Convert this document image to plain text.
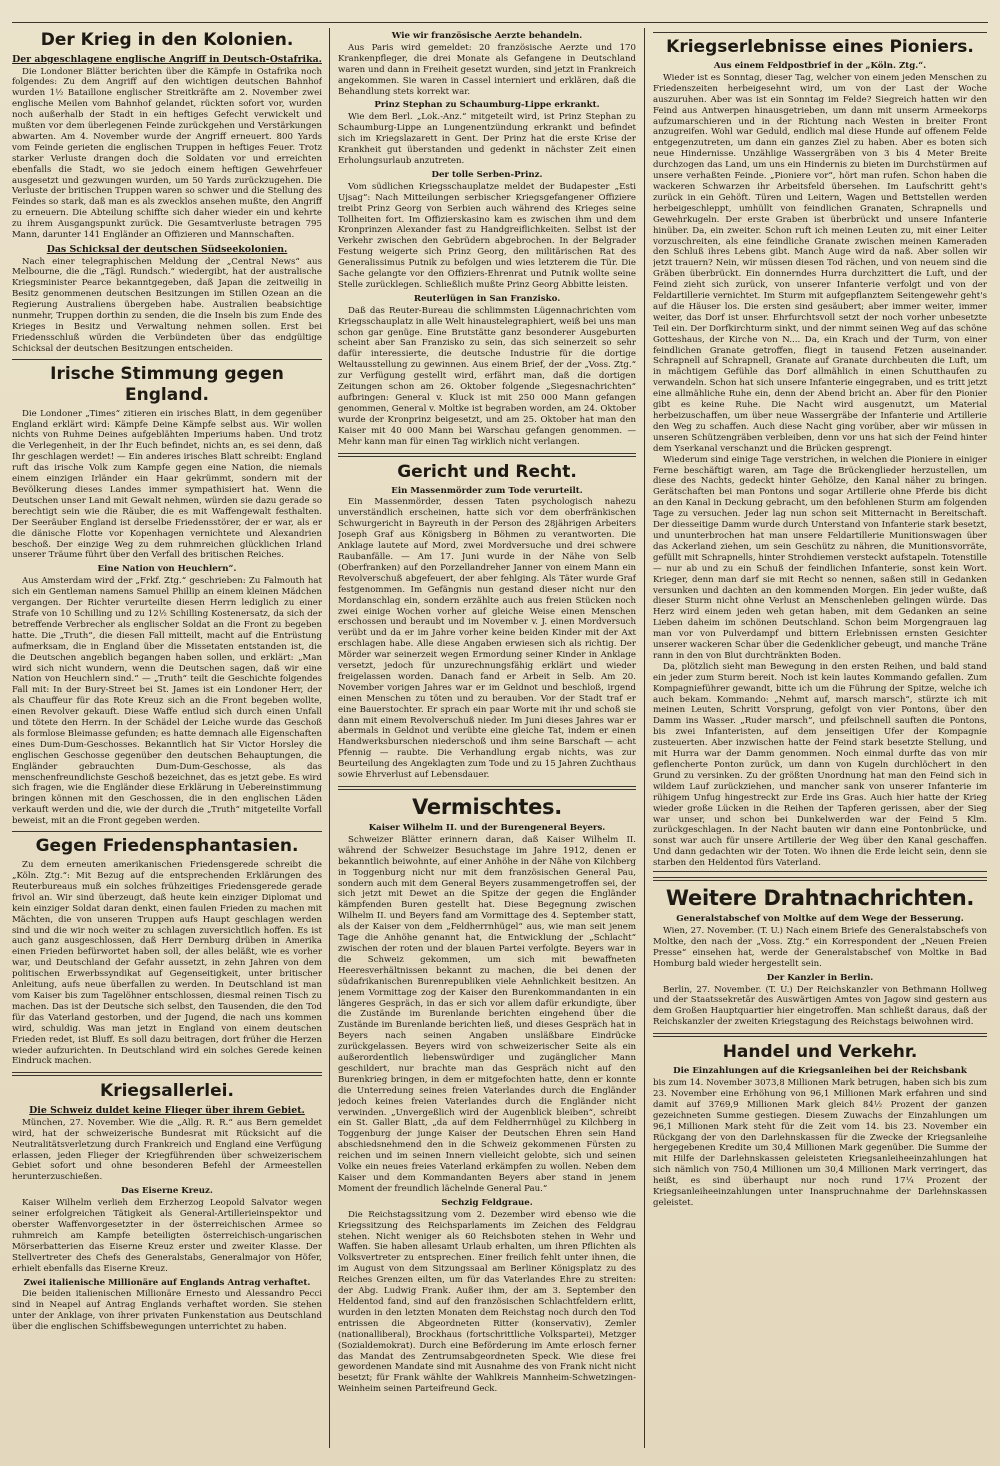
Der Krieg in den Kolonien.
Der abgeschlagene englische Angriff in Deutsch-Ostafrika.

Die Londoner Blätter berichten über die Kämpfe in Ostafrika noch folgendes: Zu dem Angriff auf den wichtigen deutschen Bahnhof wurden 1½ Bataillone englischer Streitkräfte am 2. November zwei englische Meilen vom Bahnhof gelandet, rückten sofort vor, wurden noch außerhalb der Stadt in ein heftiges Gefecht verwickelt und mußten vor dem überlegenen Feinde zurückgehen und Verstärkungen abwarten. Am 4. November wurde der Angriff erneuert. 800 Yards vom Feinde gerieten die englischen Truppen in heftiges Feuer. Trotz starker Verluste drangen doch die Soldaten vor und erreichten ebenfalls die Stadt, wo sie jedoch einem heftigen Gewehrfeuer ausgesetzt und gezwungen wurden, um 50 Yards zurückzugehen. Die Verluste der britischen Truppen waren so schwer und die Stellung des Feindes so stark, daß man es als zwecklos ansehen mußte, den Angriff zu erneuern. Die Abteilung schiffte sich daher wieder ein und kehrte zu ihrem Ausgangspunkt zurück. Die Gesamtverluste betragen 795 Mann, darunter 141 Engländer an Offizieren und Mannschaften.

Das Schicksal der deutschen Südseekolonien.

Nach einer telegraphischen Meldung der „Central News“ aus Melbourne, die die „Tägl. Rundsch.“ wiedergibt, hat der australische Kriegsminister Pearce bekanntgegeben, daß Japan die zeitweilig in Besitz genommenen deutschen Besitzungen im Stillen Ozean an die Regierung Australiens übergeben habe. Australien beabsichtige nunmehr, Truppen dorthin zu senden, die die Inseln bis zum Ende des Krieges in Besitz und Verwaltung nehmen sollen. Erst bei Friedensschluß würden die Verbündeten über das endgültige Schicksal der deutschen Besitzungen entscheiden.

Irische Stimmung gegen England.

Die Londoner „Times“ zitieren ein irisches Blatt, in dem gegenüber England erklärt wird: Kämpfe Deine Kämpfe selbst aus. Wir wollen nichts von Ruhme Deines aufgeblähten Imperiums haben. Und trotz die Verlegenheit, in der Ihr Euch befindet, nichts an, es sei denn, daß Ihr geschlagen werdet! — Ein anderes irisches Blatt schreibt: England ruft das irische Volk zum Kampfe gegen eine Nation, die niemals einem einzigen Irländer ein Haar gekrümmt, sondern mit der Bevölkerung dieses Landes immer sympathisiert hat. Wenn die Deutschen unser Land mit Gewalt nehmen, würden sie dazu gerade so berechtigt sein wie die Räuber, die es mit Waffengewalt festhalten. Der Seeräuber England ist derselbe Friedensstörer, der er war, als er die dänische Flotte vor Kopenhagen vernichtete und Alexandrien beschoß. Der einzige Weg zu dem ruhmreichen glücklichen Irland unserer Träume führt über den Verfall des britischen Reiches.

Eine Nation von Heuchlern“.

Aus Amsterdam wird der „Frkf. Ztg.“ geschrieben: Zu Falmouth hat sich ein Gentleman namens Samuel Phillip an einem kleinen Mädchen vergangen. Der Richter verurteilte diesen Herrn lediglich zu einer Strafe von 10 Schilling und zu 12½ Schilling Kostenersatz, da sich der betreffende Verbrecher als englischer Soldat an die Front zu begeben hatte. Die „Truth“, die diesen Fall mitteilt, macht auf die Entrüstung aufmerksam, die in England über die Missetaten entstanden ist, die die Deutschen angeblich begangen haben sollen, und erklärt: „Man wird sich nicht wundern, wenn die Deutschen sagen, daß wir eine Nation von Heuchlern sind.“ — „Truth“ teilt die Geschichte folgendes Fall mit: In der Bury-Street bei St. James ist ein Londoner Herr, der als Chauffeur für das Rote Kreuz sich an die Front begeben wollte, einen Revolver gekauft. Diese Waffe entlud sich durch einen Unfall und tötete den Herrn. In der Schädel der Leiche wurde das Geschoß als formlose Bleimasse gefunden; es hatte demnach alle Eigenschaften eines Dum-Dum-Geschosses. Bekanntlich hat Sir Victor Horsley die englischen Geschosse gegenüber den deutschen Behauptungen, die Engländer gebrauchten Dum-Dum-Geschosse, als das menschenfreundlichste Geschoß bezeichnet, das es jetzt gebe. Es wird sich fragen, wie die Engländer diese Erklärung in Uebereinstimmung bringen können mit den Geschossen, die in den englischen Läden verkauft werden und die, wie der durch die „Truth“ mitgeteilte Vorfall beweist, mit an die Front gegeben werden.

Gegen Friedensphantasien.

Zu dem erneuten amerikanischen Friedensgerede schreibt die „Köln. Ztg.“: Mit Bezug auf die entsprechenden Erklärungen des Reuterbureaus muß ein solches frühzeitiges Friedensgerede gerade frivol an. Wir sind überzeugt, daß heute kein einziger Diplomat und kein einziger Soldat daran denkt, einen faulen Frieden zu machen mit Mächten, die von unseren Truppen aufs Haupt geschlagen werden sind und die wir noch weiter zu schlagen zuversichtlich hoffen. Es ist auch ganz ausgeschlossen, daß Herr Dernburg drüben in Amerika einen Frieden befürwortet haben soll, der alles beläßt, wie es vorher war, und Deutschland der Gefahr aussetzt, in zehn Jahren von dem politischen Erwerbssyndikat auf Gegenseitigkeit, unter britischer Anleitung, aufs neue überfallen zu werden. In Deutschland ist man vom Kaiser bis zum Tagelöhner entschlossen, diesmal reinen Tisch zu machen. Das ist der Deutsche sich selbst, den Tausenden, die den Tod für das Vaterland gestorben, und der Jugend, die nach uns kommen wird, schuldig. Was man jetzt in England von einem deutschen Frieden redet, ist Bluff. Es soll dazu beitragen, dort früher die Herzen wieder aufzurichten. In Deutschland wird ein solches Gerede keinen Eindruck machen.

Kriegsallerlei.
Die Schweiz duldet keine Flieger über ihrem Gebiet.

München, 27. November. Wie die „Allg. R. R.“ aus Bern gemeldet wird, hat der schweizerische Bundesrat mit Rücksicht auf die Neutralitätsverletzung durch Frankreich und England eine Verfügung erlassen, jeden Flieger der Kriegführenden über schweizerischem Gebiet sofort und ohne besonderen Befehl der Armeestellen herunterzuschießen.

Das Eiserne Kreuz.

Kaiser Wilhelm verlieh dem Erzherzog Leopold Salvator wegen seiner erfolgreichen Tätigkeit als General-Artillerieinspektor und oberster Waffenvorgesetzter in der österreichischen Armee so ruhmreich am Kampfe beteiligten österreichisch-ungarischen Mörserbatterien das Eiserne Kreuz erster und zweiter Klasse. Der Stellvertreter des Chefs des Generalstabs, Generalmajor von Höfer, erhielt ebenfalls das Eiserne Kreuz.

Zwei italienische Millionäre auf Englands Antrag verhaftet.

Die beiden italienischen Millionäre Ernesto und Alessandro Pecci sind in Neapel auf Antrag Englands verhaftet worden. Sie stehen unter der Anklage, von ihrer privaten Funkenstation aus Deutschland über die englischen Schiffsbewegungen unterrichtet zu haben.

Wie wir französische Aerzte behandeln.

Aus Paris wird gemeldet: 20 französische Aerzte und 170 Krankenpfleger, die drei Monate als Gefangene in Deutschland waren und dann in Freiheit gesetzt wurden, sind jetzt in Frankreich angekommen. Sie waren in Cassel interniert und erklären, daß die Behandlung stets korrekt war.

Prinz Stephan zu Schaumburg-Lippe erkrankt.

Wie dem Berl. „Lok.-Anz.“ mitgeteilt wird, ist Prinz Stephan zu Schaumburg-Lippe an Lungenentzündung erkrankt und befindet sich im Kriegslazarett in Gent. Der Prinz hat die erste Krise der Krankheit gut überstanden und gedenkt in nächster Zeit einen Erholungsurlaub anzutreten.

Der tolle Serben-Prinz.

Vom südlichen Kriegsschauplatze meldet der Budapester „Esti Ujsag“: Nach Mitteilungen serbischer Kriegsgefangener Offiziere treibt Prinz Georg von Serbien auch während des Krieges seine Tollheiten fort. Im Offizierskasino kam es zwischen ihm und dem Kronprinzen Alexander fast zu Handgreiflichkeiten. Selbst ist der Verkehr zwischen den Gebrüdern abgebrochen. In der Belgrader Festung weigerte sich Prinz Georg, den militärischen Rat des Generalissimus Putnik zu befolgen und wies letzterem die Tür. Die Sache gelangte vor den Offiziers-Ehrenrat und Putnik wollte seine Stelle zurücklegen. Schließlich mußte Prinz Georg Abbitte leisten.

Reuterlügen in San Franzisko.

Daß das Reuter-Bureau die schlimmsten Lügennachrichten vom Kriegsschauplatz in alle Welt hinaustelegraphiert, weiß bei uns man schon gar genüge. Eine Brutstätte ganz besonderer Ausgeburten scheint aber San Franzisko zu sein, das sich seinerzeit so sehr dafür interessierte, die deutsche Industrie für die dortige Weltausstellung zu gewinnen. Aus einem Brief, der der „Voss. Ztg.“ zur Verfügung gestellt wird, erfährt man, daß die dortigen Zeitungen schon am 26. Oktober folgende „Siegesnachrichten“ aufbringen: General v. Kluck ist mit 250 000 Mann gefangen genommen, General v. Moltke ist begraben worden, am 24. Oktober wurde der Kronprinz beigesetzt, und am 25. Oktober hat man den Kaiser mit 40 000 Mann bei Warschau gefangen genommen. — Mehr kann man für einen Tag wirklich nicht verlangen.

Gericht und Recht.
Ein Massenmörder zum Tode verurteilt.

Ein Massenmörder, dessen Taten psychologisch nahezu unverständlich erscheinen, hatte sich vor dem oberfränkischen Schwurgericht in Bayreuth in der Person des 28jährigen Arbeiters Joseph Graf aus Königsberg in Böhmen zu verantworten. Die Anklage lautete auf Mord, zwei Mordversuche und drei schwere Raubanfälle. — Am 17. Juni wurde in der Nähe von Selb (Oberfranken) auf den Porzellandreher Janner von einem Mann ein Revolverschuß abgefeuert, der aber fehlging. Als Täter wurde Graf festgenommen. Im Gefängnis nun gestand dieser nicht nur den Mordanschlag ein, sondern erzählte auch aus freien Stücken noch zwei einige Wochen vorher auf gleiche Weise einen Menschen erschossen und beraubt und im November v. J. einen Mordversuch verübt und da er im Jahre vorher keine beiden Kinder mit der Axt erschlagen habe. Alle diese Angaben erwiesen sich als richtig. Der Mörder war seinerzeit wegen Ermordung seiner Kinder in Anklage versetzt, jedoch für unzurechnungsfähig erklärt und wieder freigelassen worden. Danach fand er Arbeit in Selb. Am 20. November vorigen Jahres war er im Geldnot und beschloß, irgend einen Menschen zu töten und zu berauben. Vor der Stadt traf er eine Bauerstochter. Er sprach ein paar Worte mit ihr und schoß sie dann mit einem Revolverschuß nieder. Im Juni dieses Jahres war er abermals in Geldnot und verübte eine gleiche Tat, indem er einen Handwerksburschen niederschoß und ihm seine Barschaft — acht Pfennig — raubte. Die Verhandlung ergab nichts, was zur Beurteilung des Angeklagten zum Tode und zu 15 Jahren Zuchthaus sowie Ehrverlust auf Lebensdauer.

Vermischtes.
Kaiser Wilhelm II. und der Burengeneral Beyers.

Schweizer Blätter erinnern daran, daß Kaiser Wilhelm II. während der Schweizer Besuchstage im Jahre 1912, denen er bekanntlich beiwohnte, auf einer Anhöhe in der Nähe von Kilchberg in Toggenburg nicht nur mit dem französischen General Pau, sondern auch mit dem General Beyers zusammengetroffen sei, der sich jetzt mit Dewet an die Spitze der gegen die Engländer kämpfenden Buren gestellt hat. Diese Begegnung zwischen Wilhelm II. und Beyers fand am Vormittage des 4. September statt, als der Kaiser von dem „Feldherrnhügel“ aus, wie man seit jenem Tage die Anhöhe genannt hat, die Entwicklung der „Schlacht“ zwischen der roten und der blauen Partei verfolgte. Beyers war in die Schweiz gekommen, um sich mit bewaffneten Heeresverhältnissen bekannt zu machen, die bei denen der südafrikanischen Burenrepubliken viele Aehnlichkeit besitzen. An jenem Vormittage zog der Kaiser den Burenkommandanten in ein längeres Gespräch, in das er sich vor allem dafür erkundigte, über die Zustände im Burenlande berichten eingehend über die Zustände im Burenlande berichten ließ, und dieses Gespräch hat in Beyers nach seinen Angaben unsläßbare Eindrücke zurückgelassen. Beyers wird von schweizerischer Seite als ein außerordentlich liebenswürdiger und zugänglicher Mann geschildert, nur brachte man das Gespräch nicht auf den Burenkrieg bringen, in dem er mitgefochten hatte, denn er konnte die Unterredung seines freien Vaterlandes durch die Engländer jedoch keines freien Vaterlandes durch die Engländer nicht verwinden. „Unvergeßlich wird der Augenblick bleiben“, schreibt ein St. Galler Blatt, „da auf dem Feldherrnhügel zu Kilchberg in Toggenburg der junge Kaiser der Deutschen Ehren sein Hand abschiedsnehmend den in die Schweiz gekommenen Fürsten zu reichen und im seinen Innern vielleicht gelobte, sich und seinen Volke ein neues freies Vaterland erkämpfen zu wollen. Neben dem Kaiser und dem Kommandanten Beyers aber stand in jenem Moment der freundlich lächelnde General Pau.“

Sechzig Feldgraue.

Die Reichstagssitzung vom 2. Dezember wird ebenso wie die Kriegssitzung des Reichsparlaments im Zeichen des Feldgrau stehen. Nicht weniger als 60 Reichsboten stehen in Wehr und Waffen. Sie haben allesamt Urlaub erhalten, um ihren Pflichten als Volksvertreter zu entsprechen. Einer freilich fehlt unter ihnen, die im August von dem Sitzungssaal am Berliner Königsplatz zu des Reiches Grenzen eilten, um für das Vaterlandes Ehre zu streiten: der Abg. Ludwig Frank. Außer ihm, der am 3. September den Heldentod fand, sind auf den französischen Schlachtfeldern erlitt, wurden in den letzten Monaten dem Reichstag noch durch den Tod entrissen die Abgeordneten Ritter (konservativ), Zemler (nationalliberal), Brockhaus (fortschrittliche Volkspartei), Metzger (Sozialdemokrat). Durch eine Beförderung im Amte erlosch ferner das Mandat des Zentrumsabgeordneten Speck. Wie diese frei gewordenen Mandate sind mit Ausnahme des von Frank nicht nicht besetzt; für Frank wählte der Wahlkreis Mannheim-Schwetzingen-Weinheim seinen Parteifreund Geck.

Kriegserlebnisse eines Pioniers.
Aus einem Feldpostbrief in der „Köln. Ztg.“.

Wieder ist es Sonntag, dieser Tag, welcher von einem jeden Menschen zu Friedenszeiten herbeigesehnt wird, um von der Last der Woche auszuruhen. Aber was ist ein Sonntag im Felde? Siegreich hatten wir den Feind aus Antwerpen hinausgetrieben, um dann mit unserm Armeekorps aufzumarschieren und in der Richtung nach Westen in breiter Front anzugreifen. Wohl war Geduld, endlich mal diese Hunde auf offenem Felde entgegenzutreten, um dann ein ganzes Ziel zu haben. Aber es boten sich neue Hindernisse. Unzählige Wassergräben von 3 bis 4 Meter Breite durchzogen das Land, um uns ein Hindernis zu bieten im Durchstürmen auf unsere verhaßten Feinde. „Pioniere vor“, hört man rufen. Schon haben die wackeren Schwarzen ihr Arbeitsfeld übersehen. Im Laufschritt geht's zurück in ein Gehöft. Türen und Leitern, Wagen und Bettstellen werden herbeigeschleppt, umhüllt von feindlichen Granaten, Schrapnells und Gewehrkugeln. Der erste Graben ist überbrückt und unsere Infanterie hinüber. Da, ein zweiter. Schon ruft ich meinen Leuten zu, mit einer Leiter vorzuschreiten, als eine feindliche Granate zwischen meinen Kameraden den Schluß ihres Lebens gibt. Manch Auge wird da naß. Aber sollen wir jetzt trauern? Nein, wir müssen diesen Tod rächen, und von neuem sind die Gräben überbrückt. Ein donnerndes Hurra durchzittert die Luft, und der Feind zieht sich zurück, von unserer Infanterie verfolgt und von der Feldartillerie vernichtet. Im Sturm mit aufgepflanztem Seitengewehr geht's auf die Häuser los. Die ersten sind gesäubert; aber immer weiter, immer weiter, das Dorf ist unser. Ehrfurchtsvoll setzt der noch vorher unbesetzte Teil ein. Der Dorfkirchturm sinkt, und der nimmt seinen Weg auf das schöne Gotteshaus, der Kirche von N.... Da, ein Krach und der Turm, von einer feindlichen Granate getroffen, fliegt in tausend Fetzen auseinander. Schrapnell auf Schrapnell, Granate auf Granate durchbeuten die Luft, um in mächtigem Gefühle das Dorf allmählich in einen Schutthaufen zu verwandeln. Schon hat sich unsere Infanterie eingegraben, und es tritt jetzt eine allmähliche Ruhe ein, denn der Abend bricht an. Aber für den Pionier gibt es keine Ruhe. Die Nacht wird ausgenutzt, um Material herbeizuschaffen, um über neue Wassergräbe der Infanterie und Artillerie den Weg zu schaffen. Auch diese Nacht ging vorüber, aber wir müssen in unseren Schützengräben verbleiben, denn vor uns hat sich der Feind hinter dem Yserkanal verschanzt und die Brücken gesprengt.

Wiederum sind einige Tage verstrichen, in welchen die Pioniere in einiger Ferne beschäftigt waren, am Tage die Brückenglieder herzustellen, um diese des Nachts, gedeckt hinter Gehölze, den Kanal näher zu bringen. Gerätschaften bei man Pontons und sogar Artillerie ohne Pferde bis dicht an den Kanal in Deckung gebracht, um den befohlenen Sturm am folgenden Tage zu versuchen. Jeder lag nun schon seit Mitternacht in Bereitschaft. Der diesseitige Damm wurde durch Unterstand von Infanterie stark besetzt, und ununterbrochen hat man unsere Feldartillerie Munitionswagen über das Ackerland ziehen, um sein Geschütz zu nähren, die Munitionsvorräte, gefüllt mit Schrapnells, hinter Strohdiemen versteckt aufstapeln. Totenstille — nur ab und zu ein Schuß der feindlichen Infanterie, sonst kein Wort. Krieger, denn man darf sie mit Recht so nennen, saßen still in Gedanken versunken und dachten an den kommenden Morgen. Ein jeder wußte, daß dieser Sturm nicht ohne Verlust an Menschenleben gelingen würde. Das Herz wird einem jeden weh getan haben, mit dem Gedanken an seine Lieben daheim im schönen Deutschland. Schon beim Morgengrauen lag man vor von Pulverdampf und bittern Erlebnissen ernsten Gesichter unserer wackeren Schar über die Gedenklicher gebeugt, und manche Träne rann in den von Blut durchtränkten Boden.

Da, plötzlich sieht man Bewegung in den ersten Reihen, und bald stand ein jeder zum Sturm bereit. Noch ist kein lautes Kommando gefallen. Zum Kompagnieführer gewandt, bitte ich um die Führung der Spitze, welche ich auch bekam. Kommando: „Nehmt auf, marsch marsch“, stürzte ich mit meinen Leuten, Schritt Vorsprung, gefolgt von vier Pontons, über den Damm ins Wasser. „Ruder marsch“, und pfeilschnell sauften die Pontons, bis zwei Infanteristen, auf dem jenseitigen Ufer der Kompagnie zusteuerten. Aber inzwischen hatte der Feind stark besetzte Stellung, und mit Hurra war der Damm genommen. Noch einmal durfte das von mir geflencherte Ponton zurück, um dann von Kugeln durchlöchert in den Grund zu versinken. Zu der größten Unordnung hat man den Feind sich in wildem Lauf zurückziehen, und mancher sank von unserer Infanterie im rühigem Unfug hingestreckt zur Erde ins Gras. Auch hier hatte der Krieg wieder große Lücken in die Reihen der Tapferen gerissen, aber der Sieg war unser, und schon bei Dunkelwerden war der Feind 5 Klm. zurückgeschlagen. In der Nacht bauten wir dann eine Pontonbrücke, und sonst war auch für unsere Artillerie der Weg über den Kanal geschaffen. Und dann gedachten wir der Toten. Wo ihnen die Erde leicht sein, denn sie starben den Heldentod fürs Vaterland.

Weitere Drahtnachrichten.
Generalstabschef von Moltke auf dem Wege der Besserung.

Wien, 27. November. (T. U.) Nach einem Briefe des Generalstabschefs von Moltke, den nach der „Voss. Ztg.“ ein Korrespondent der „Neuen Freien Presse“ einsehen hat, werde der Generalstabschef von Moltke in Bad Homburg bald wieder hergestellt sein.

Der Kanzler in Berlin.

Berlin, 27. November. (T. U.) Der Reichskanzler von Bethmann Hollweg und der Staatssekretär des Auswärtigen Amtes von Jagow sind gestern aus dem Großen Hauptquartier hier eingetroffen. Man schließt daraus, daß der Reichskanzler der zweiten Kriegstagung des Reichstags beiwohnen wird.

Handel und Verkehr.
Die Einzahlungen auf die Kriegsanleihen bei der Reichsbank

bis zum 14. November 3073,8 Millionen Mark betrugen, haben sich bis zum 23. November eine Erhöhung von 96,1 Millionen Mark erfahren und sind damit auf 3769,9 Millionen Mark gleich 84½ Prozent der ganzen gezeichneten Summe gestiegen. Diesem Zuwachs der Einzahlungen um 96,1 Millionen Mark steht für die Zeit vom 14. bis 23. November ein Rückgang der von den Darlehnskassen für die Zwecke der Kriegsanleihe hergegebenen Kredite um 30,4 Millionen Mark gegenüber. Die Summe der mit Hilfe der Darlehnskassen geleisteten Kriegsanleiheeinzahlungen hat sich nämlich von 750,4 Millionen um 30,4 Millionen Mark verringert, das heißt, es sind überhaupt nur noch rund 17¼ Prozent der Kriegsanleiheeinzahlungen unter Inanspruchnahme der Darlehnskassen geleistet.
